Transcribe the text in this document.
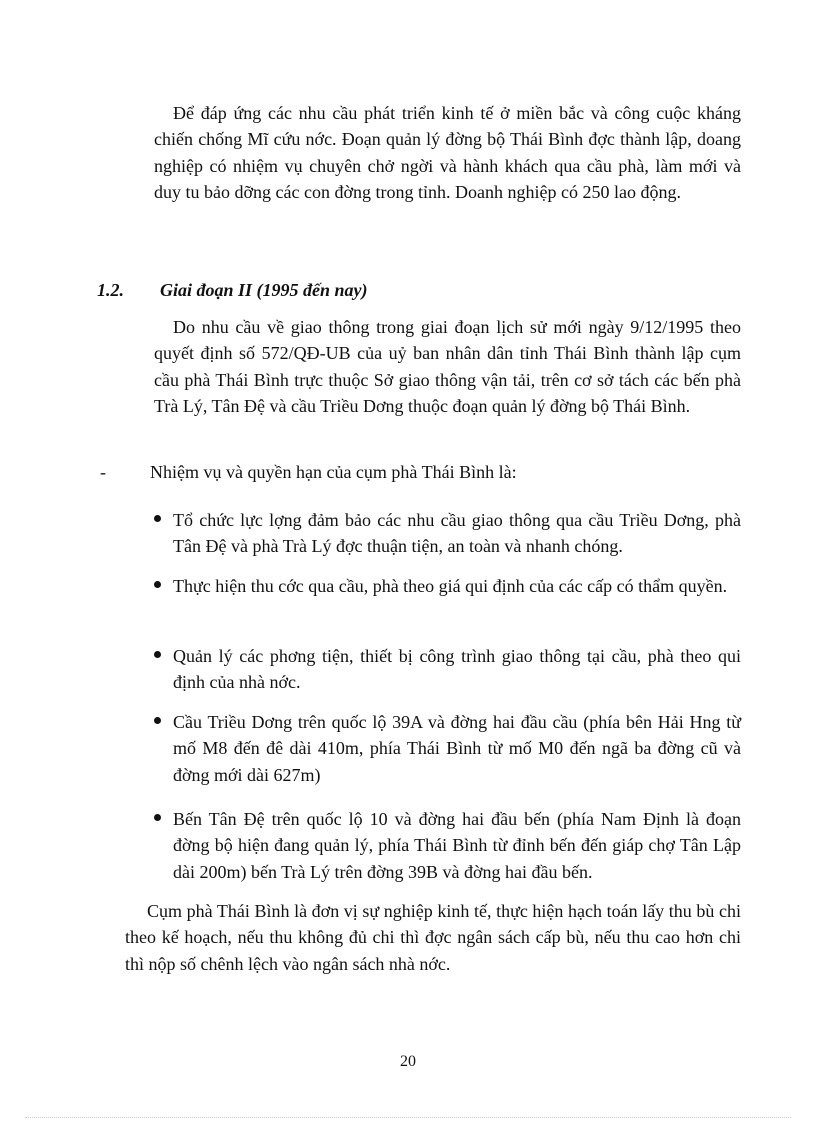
Để đáp ứng các nhu cầu phát triển kinh tế ở miền bắc và công cuộc kháng chiến chống Mĩ cứu nớc. Đoạn quản lý đờng bộ Thái Bình đợc thành lập, doang nghiệp có nhiệm vụ chuyên chở ngời và hành khách qua cầu phà, làm mới và duy tu bảo dỡng các con đờng trong tỉnh. Doanh nghiệp có 250 lao động.

1.2. Giai đoạn II (1995 đến nay)

Do nhu cầu về giao thông trong giai đoạn lịch sử mới ngày 9/12/1995 theo quyết định số 572/QĐ-UB của uỷ ban nhân dân tỉnh Thái Bình thành lập cụm cầu phà Thái Bình trực thuộc Sở giao thông vận tải, trên cơ sở tách các bến phà Trà Lý, Tân Đệ và cầu Triều Dơng thuộc đoạn quản lý đờng bộ Thái Bình.

- Nhiệm vụ và quyền hạn của cụm phà Thái Bình là:

Tổ chức lực lợng đảm bảo các nhu cầu giao thông qua cầu Triều Dơng, phà Tân Đệ và phà Trà Lý đợc thuận tiện, an toàn và nhanh chóng.

Thực hiện thu cớc qua cầu, phà theo giá qui định của các cấp có thẩm quyền.

Quản lý các phơng tiện, thiết bị công trình giao thông tại cầu, phà theo qui định của nhà nớc.

Cầu Triều Dơng trên quốc lộ 39A và đờng hai đầu cầu (phía bên Hải Hng từ mố M8 đến đê dài 410m, phía Thái Bình từ mố M0 đến ngã ba đờng cũ và đờng mới dài 627m)

Bến Tân Đệ trên quốc lộ 10 và đờng hai đầu bến (phía Nam Định là đoạn đờng bộ hiện đang quản lý, phía Thái Bình từ đỉnh bến đến giáp chợ Tân Lập dài 200m) bến Trà Lý trên đờng 39B và đờng hai đầu bến.

Cụm phà Thái Bình là đơn vị sự nghiệp kinh tế, thực hiện hạch toán lấy thu bù chi theo kế hoạch, nếu thu không đủ chi thì đợc ngân sách cấp bù, nếu thu cao hơn chi thì nộp số chênh lệch vào ngân sách nhà nớc.

20
